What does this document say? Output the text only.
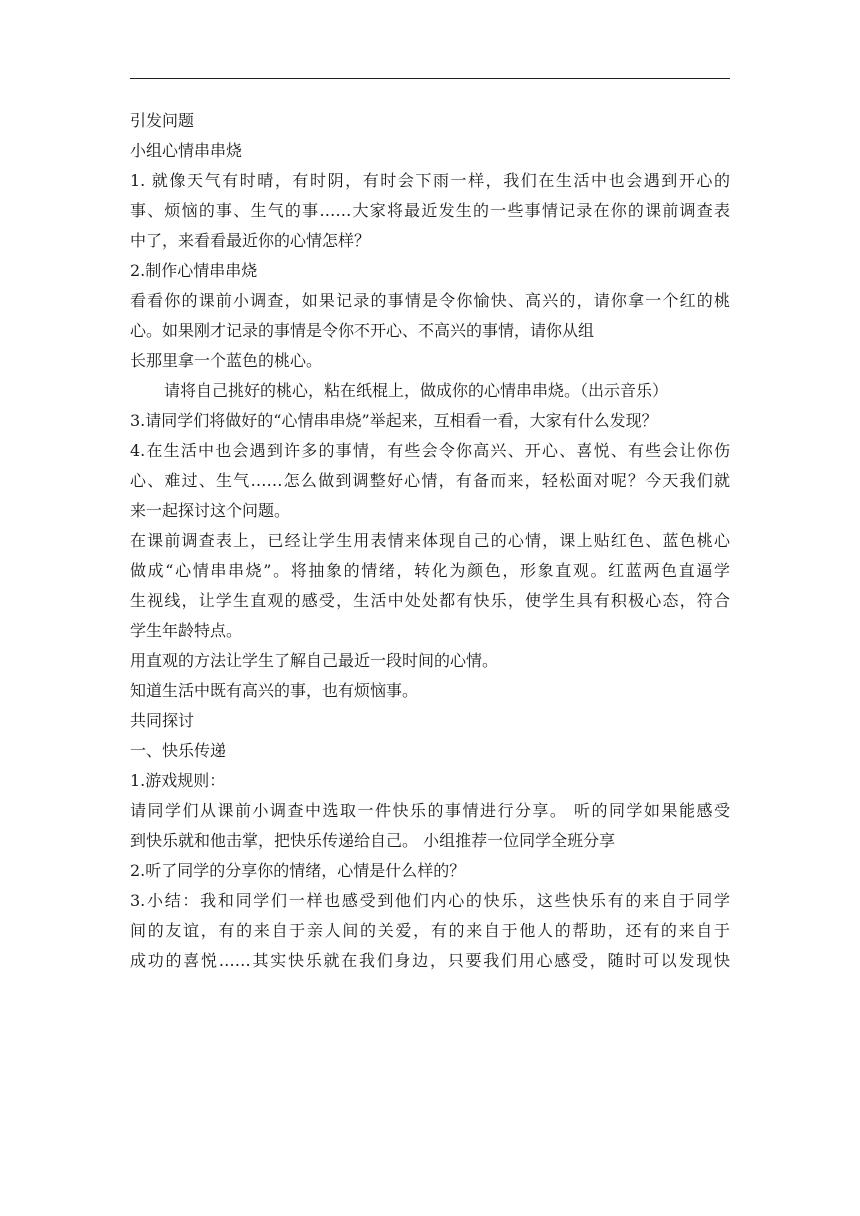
引发问题
小组心情串串烧
1. 就像天气有时晴，有时阴，有时会下雨一样，我们在生活中也会遇到开心的
事、烦恼的事、生气的事……大家将最近发生的一些事情记录在你的课前调查表
中了，来看看最近你的心情怎样？
2.制作心情串串烧
看看你的课前小调查，如果记录的事情是令你愉快、高兴的，请你拿一个红的桃
心。如果刚才记录的事情是令你不开心、不高兴的事情，请你从组
长那里拿一个蓝色的桃心。
请将自己挑好的桃心，粘在纸棍上，做成你的心情串串烧。（出示音乐）
3.请同学们将做好的“心情串串烧”举起来，互相看一看，大家有什么发现？
4.在生活中也会遇到许多的事情，有些会令你高兴、开心、喜悦、有些会让你伤
心、难过、生气……怎么做到调整好心情，有备而来，轻松面对呢？今天我们就
来一起探讨这个问题。
在课前调查表上，已经让学生用表情来体现自己的心情，课上贴红色、蓝色桃心
做成“心情串串烧”。将抽象的情绪，转化为颜色，形象直观。红蓝两色直逼学
生视线，让学生直观的感受，生活中处处都有快乐，使学生具有积极心态，符合
学生年龄特点。
用直观的方法让学生了解自己最近一段时间的心情。
知道生活中既有高兴的事，也有烦恼事。
共同探讨
一、快乐传递
1.游戏规则：
请同学们从课前小调查中选取一件快乐的事情进行分享。 听的同学如果能感受
到快乐就和他击掌，把快乐传递给自己。 小组推荐一位同学全班分享
2.听了同学的分享你的情绪，心情是什么样的？
3.小结：我和同学们一样也感受到他们内心的快乐，这些快乐有的来自于同学
间的友谊，有的来自于亲人间的关爱，有的来自于他人的帮助，还有的来自于
成功的喜悦……其实快乐就在我们身边，只要我们用心感受，随时可以发现快
